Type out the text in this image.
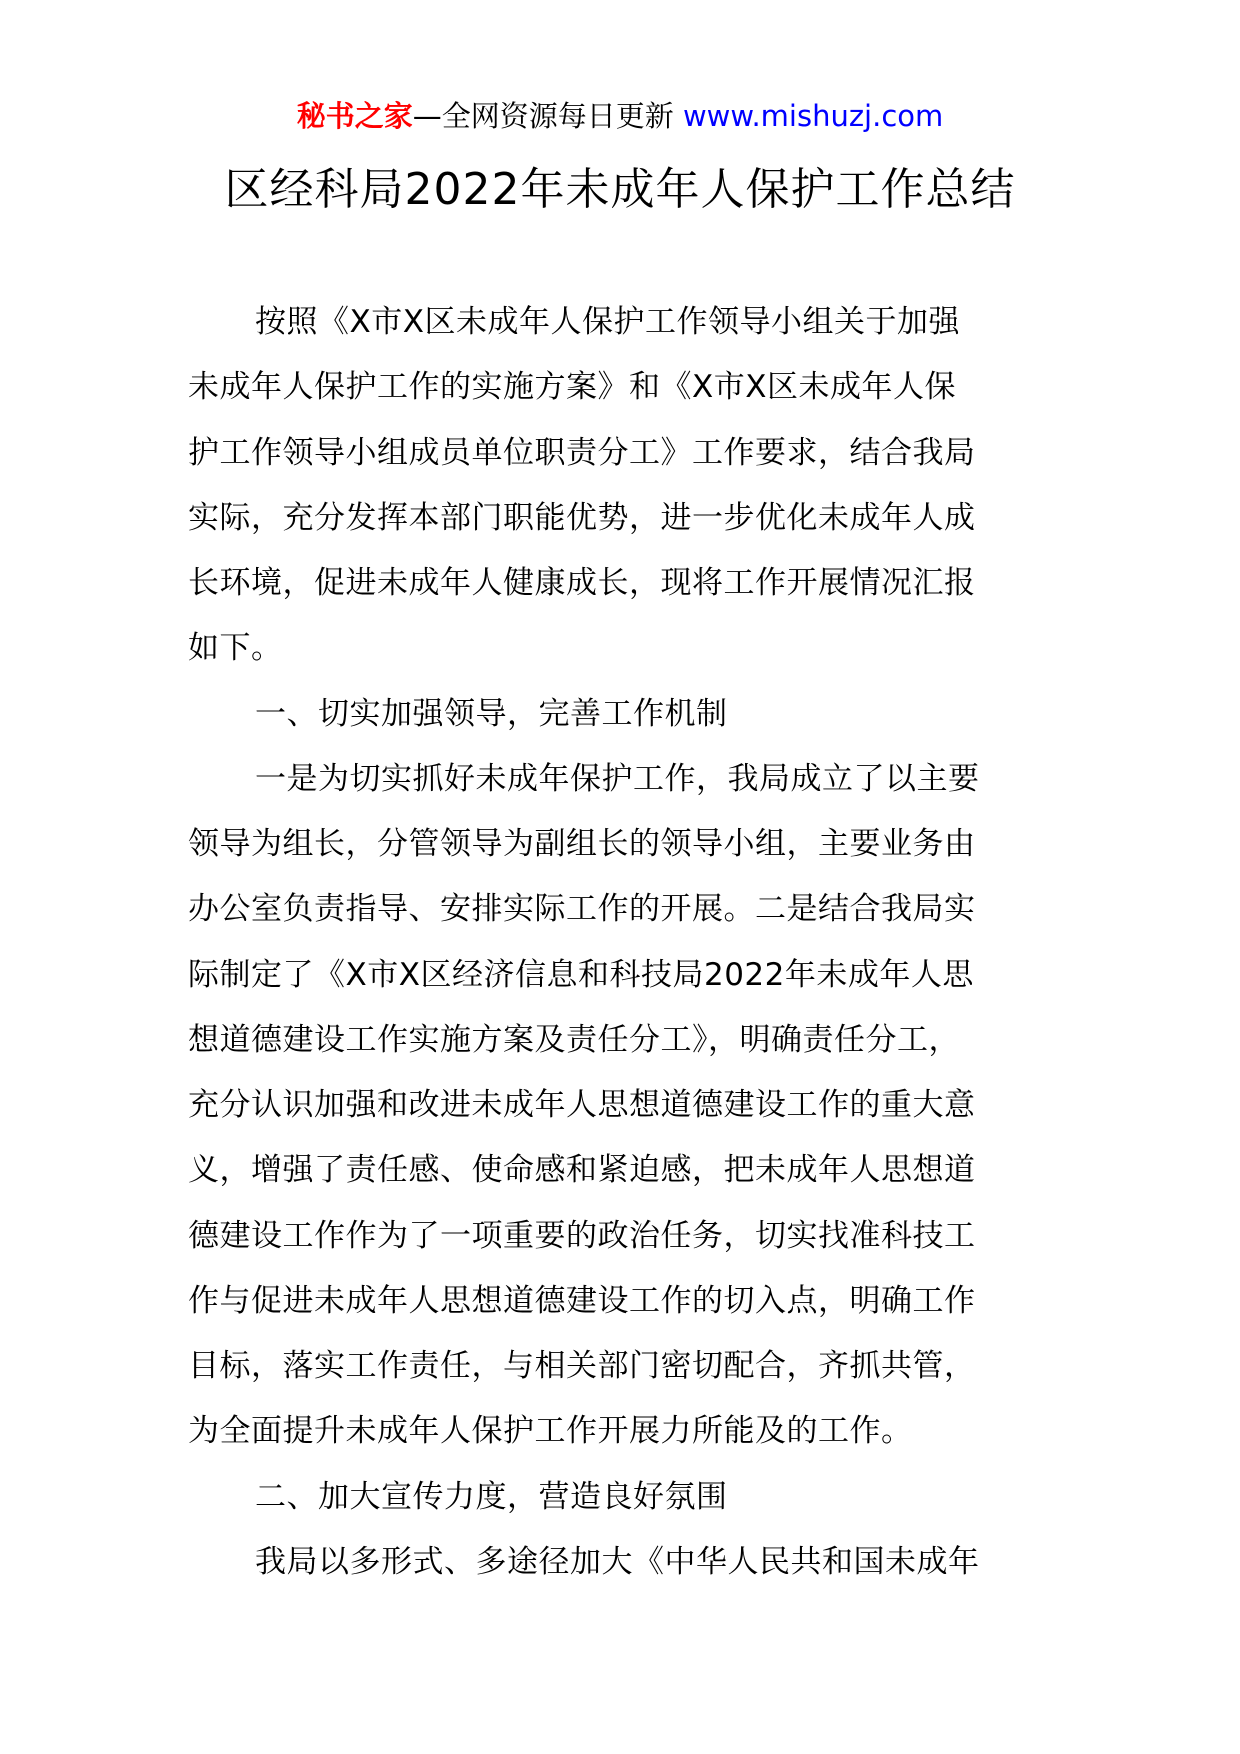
秘书之家—全网资源每日更新 www.mishuzj.com
区经科局2022年未成年人保护工作总结
按照《X市X区未成年人保护工作领导小组关于加强
未成年人保护工作的实施方案》和《X市X区未成年人保
护工作领导小组成员单位职责分工》工作要求，结合我局
实际，充分发挥本部门职能优势，进一步优化未成年人成
长环境，促进未成年人健康成长，现将工作开展情况汇报
如下。
一、切实加强领导，完善工作机制
一是为切实抓好未成年保护工作，我局成立了以主要
领导为组长，分管领导为副组长的领导小组，主要业务由
办公室负责指导、安排实际工作的开展。二是结合我局实
际制定了《X市X区经济信息和科技局2022年未成年人思
想道德建设工作实施方案及责任分工》，明确责任分工，
充分认识加强和改进未成年人思想道德建设工作的重大意
义，增强了责任感、使命感和紧迫感，把未成年人思想道
德建设工作作为了一项重要的政治任务，切实找准科技工
作与促进未成年人思想道德建设工作的切入点，明确工作
目标，落实工作责任，与相关部门密切配合，齐抓共管，
为全面提升未成年人保护工作开展力所能及的工作。
二、加大宣传力度，营造良好氛围
我局以多形式、多途径加大《中华人民共和国未成年
